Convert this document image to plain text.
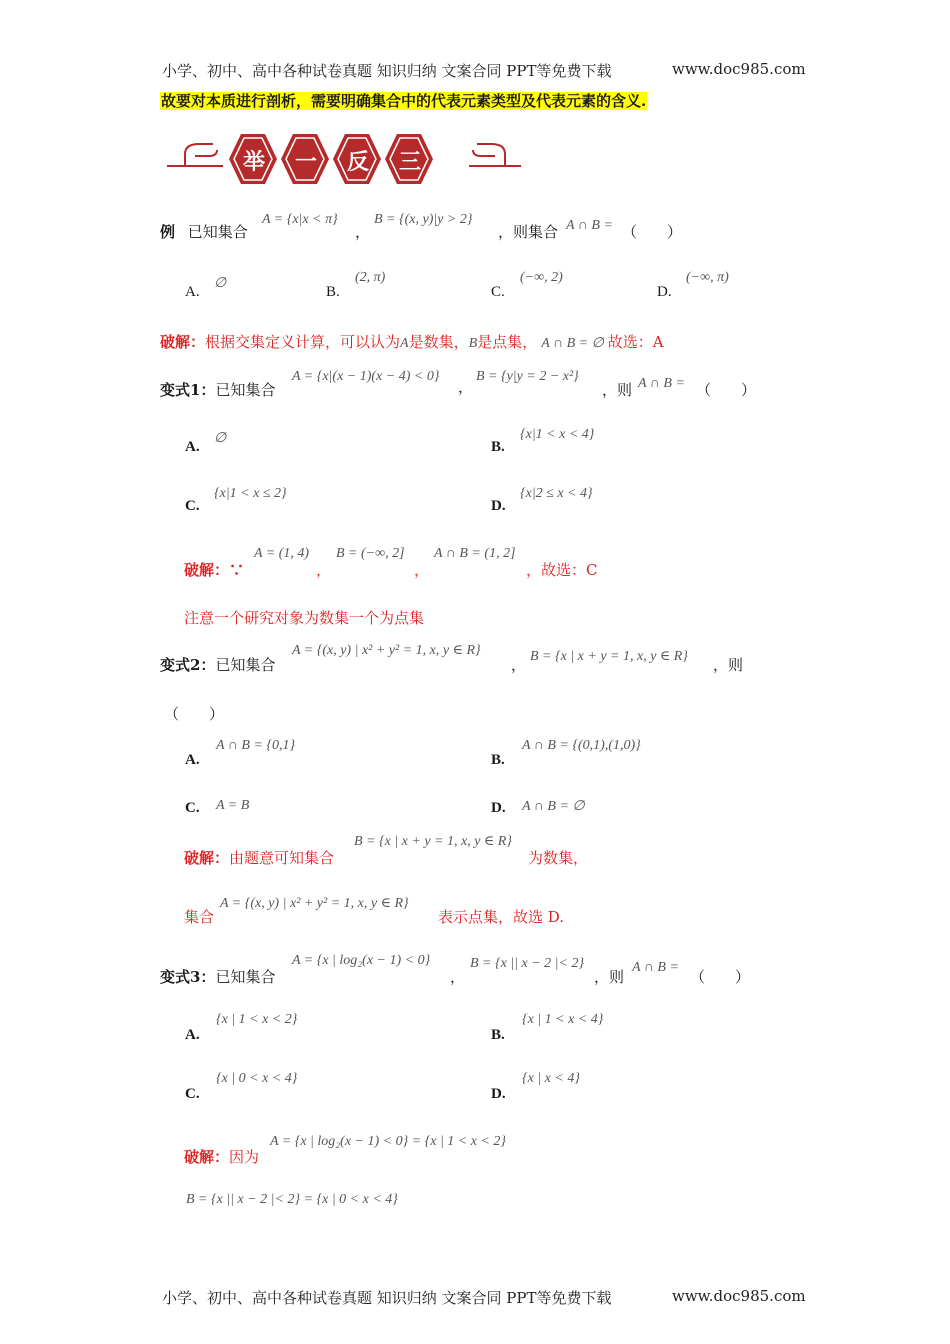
小学、初中、高中各种试卷真题 知识归纳 文案合同 PPT等免费下载	www.doc985.com
故要对本质进行剖析，需要明确集合中的代表元素类型及代表元素的含义.
举 一 反 三
例 已知集合
A = {x|x < π}
，
B = {(x, y)|y > 2}
，则集合 A ∩ B = （　　）
A.
∅
B.
(2, π)
C.
(−∞, 2)
D.
(−∞, π)
破解：根据交集定义计算，可以认为A是数集，B是点集， A ∩ B = ∅ 故选：A
变式1：已知集合
A = {x|(x − 1)(x − 4) < 0}
，
B = {y|y = 2 − x²}
，则 A ∩ B = （　　）
A.
∅
B.
{x|1 < x < 4}
C.
{x|1 < x ≤ 2}
D.
{x|2 ≤ x < 4}
破解：∵
A = (1, 4)
，
B = (−∞, 2]
，
A ∩ B = (1, 2]
，故选：C
注意一个研究对象为数集一个为点集
变式2：已知集合
A = {(x, y) | x² + y² = 1, x, y ∈ R}
， B = {x | x + y = 1, x, y ∈ R} ，则
（　　）
A.
A ∩ B = {0,1}
B.
A ∩ B = {(0,1),(1,0)}
C. A = B	D. A ∩ B = ∅
破解：由题意可知集合
B = {x | x + y = 1, x, y ∈ R}
为数集，
集合
A = {(x, y) | x² + y² = 1, x, y ∈ R}
表示点集，故选 D.
变式3：已知集合
A = {x | log₂(x − 1) < 0}
，
B = {x || x − 2 |< 2}
，则
A ∩ B =
（　　）
A.
{x | 1 < x < 2}
B.
{x | 1 < x < 4}
C.
{x | 0 < x < 4}
D.
{x | x < 4}
破解：因为
A = {x | log₂(x − 1) < 0} = {x | 1 < x < 2}
B = {x || x − 2 |< 2} = {x | 0 < x < 4}
小学、初中、高中各种试卷真题 知识归纳 文案合同 PPT等免费下载	www.doc985.com
